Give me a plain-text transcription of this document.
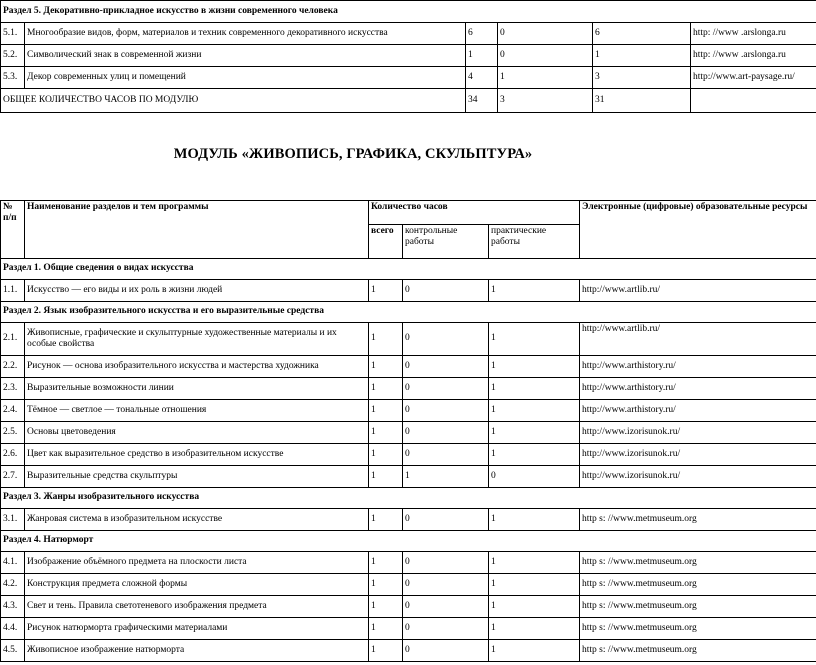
Раздел 5. Декоративно-прикладное искусство в жизни современного человека					
5.1.	Многообразие видов, форм, материалов и техник современного декоративного искусства	6	0	6	http: //www .arslonga.ru
5.2.	Символический знак в современной жизни	1	0	1	http: //www .arslonga.ru
5.3.	Декор современных улиц и помещений	4	1	3	http://www.art-paysage.ru/
ОБЩЕЕ КОЛИЧЕСТВО ЧАСОВ ПО МОДУЛЮ		34	3	31	
МОДУЛЬ «ЖИВОПИСЬ, ГРАФИКА, СКУЛЬПТУРА»
№ п/п	Наименование разделов и тем программы	Количество часов			Электронные (цифровые) образовательные ресурсы
		всего	контрольные работы	практические работы	
Раздел 1. Общие сведения о видах искусства					
1.1.	Искусство — его виды и их роль в жизни людей	1	0	1	http://www.artlib.ru/
Раздел 2. Язык изобразительного искусства и его выразительные средства					
2.1.	Живописные, графические и скульптурные художественные материалы и их особые свойства	1	0	1	http://www.artlib.ru/
2.2.	Рисунок — основа изобразительного искусства и мастерства художника	1	0	1	http://www.arthistory.ru/
2.3.	Выразительные возможности линии	1	0	1	http://www.arthistory.ru/
2.4.	Тёмное — светлое — тональные отношения	1	0	1	http://www.arthistory.ru/
2.5.	Основы цветоведения	1	0	1	http://www.izorisunok.ru/
2.6.	Цвет как выразительное средство в изобразительном искусстве	1	0	1	http://www.izorisunok.ru/
2.7.	Выразительные средства скульптуры	1	1	0	http://www.izorisunok.ru/
Раздел 3. Жанры изобразительного искусства					
3.1.	Жанровая система в изобразительном искусстве	1	0	1	http s: //www.metmuseum.org
Раздел 4. Натюрморт					
4.1.	Изображение объёмного предмета на плоскости листа	1	0	1	http s: //www.metmuseum.org
4.2.	Конструкция предмета сложной формы	1	0	1	http s: //www.metmuseum.org
4.3.	Свет и тень. Правила светотеневого изображения предмета	1	0	1	http s: //www.metmuseum.org
4.4.	Рисунок натюрморта графическими материалами	1	0	1	http s: //www.metmuseum.org
4.5.	Живописное изображение натюрморта	1	0	1	http s: //www.metmuseum.org
